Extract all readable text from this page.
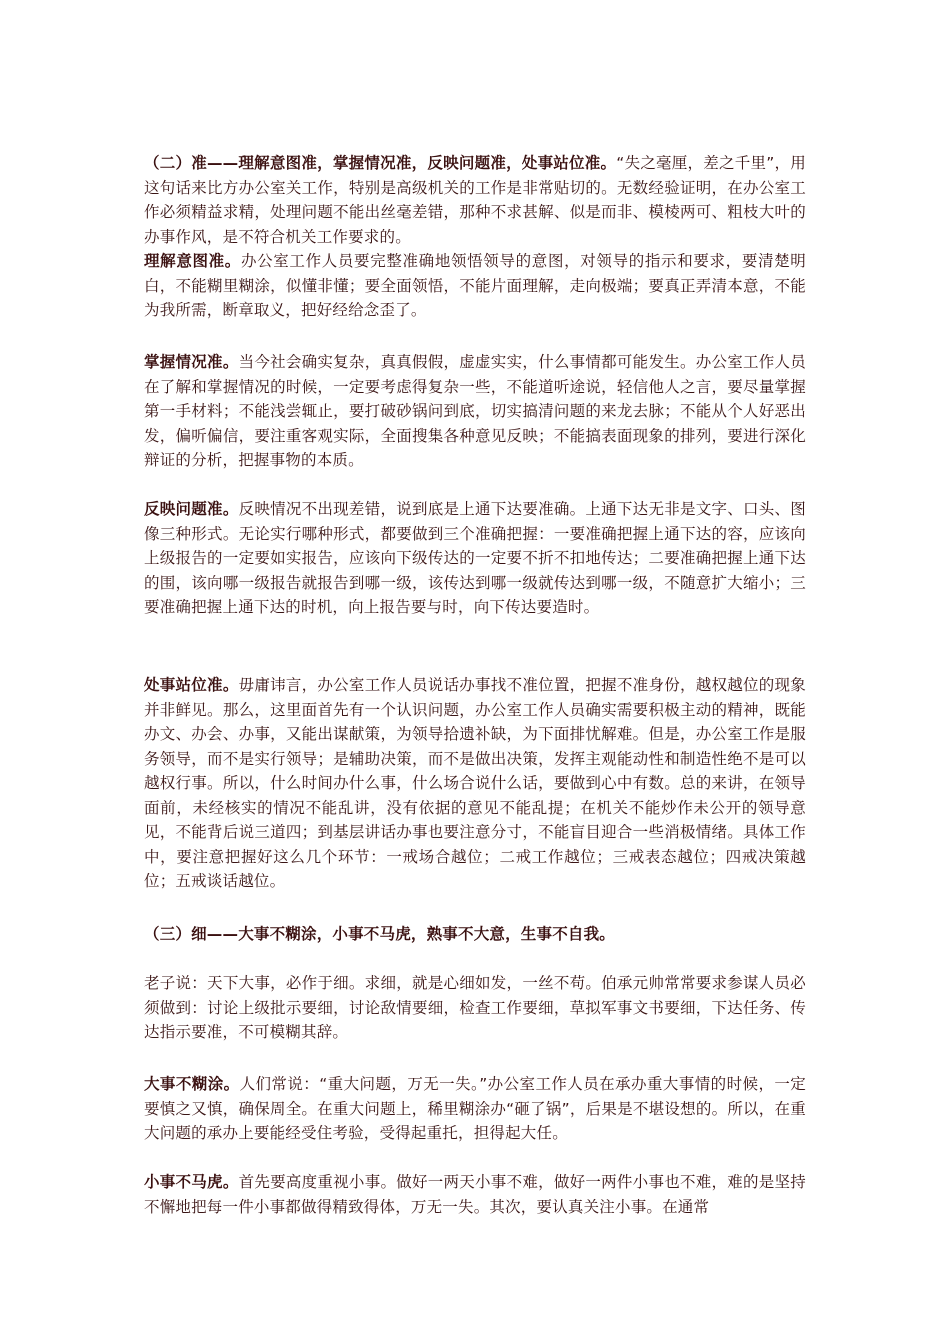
（二）准——理解意图准，掌握情况准，反映问题准，处事站位准。“失之毫厘，差之千里”，用这句话来比方办公室关工作，特别是高级机关的工作是非常贴切的。无数经验证明，在办公室工作必须精益求精，处理问题不能出丝毫差错，那种不求甚解、似是而非、模棱两可、粗枝大叶的办事作风，是不符合机关工作要求的。

理解意图准。办公室工作人员要完整准确地领悟领导的意图，对领导的指示和要求，要清楚明白，不能糊里糊涂，似懂非懂；要全面领悟，不能片面理解，走向极端；要真正弄清本意，不能为我所需，断章取义，把好经给念歪了。

掌握情况准。当今社会确实复杂，真真假假，虚虚实实，什么事情都可能发生。办公室工作人员在了解和掌握情况的时候，一定要考虑得复杂一些，不能道听途说，轻信他人之言，要尽量掌握第一手材料；不能浅尝辄止，要打破砂锅问到底，切实搞清问题的来龙去脉；不能从个人好恶出发，偏听偏信，要注重客观实际，全面搜集各种意见反映；不能搞表面现象的排列，要进行深化辩证的分析，把握事物的本质。

反映问题准。反映情况不出现差错，说到底是上通下达要准确。上通下达无非是文字、口头、图像三种形式。无论实行哪种形式，都要做到三个准确把握：一要准确把握上通下达的容，应该向上级报告的一定要如实报告，应该向下级传达的一定要不折不扣地传达；二要准确把握上通下达的围，该向哪一级报告就报告到哪一级，该传达到哪一级就传达到哪一级，不随意扩大缩小；三要准确把握上通下达的时机，向上报告要与时，向下传达要造时。

处事站位准。毋庸讳言，办公室工作人员说话办事找不准位置，把握不准身份，越权越位的现象并非鲜见。那么，这里面首先有一个认识问题，办公室工作人员确实需要积极主动的精神，既能办文、办会、办事，又能出谋献策，为领导拾遗补缺，为下面排忧解难。但是，办公室工作是服务领导，而不是实行领导；是辅助决策，而不是做出决策，发挥主观能动性和制造性绝不是可以越权行事。所以，什么时间办什么事，什么场合说什么话，要做到心中有数。总的来讲，在领导面前，未经核实的情况不能乱讲，没有依据的意见不能乱提；在机关不能炒作未公开的领导意见，不能背后说三道四；到基层讲话办事也要注意分寸，不能盲目迎合一些消极情绪。具体工作中，要注意把握好这么几个环节：一戒场合越位；二戒工作越位；三戒表态越位；四戒决策越位；五戒谈话越位。

（三）细——大事不糊涂，小事不马虎，熟事不大意，生事不自我。

老子说：天下大事，必作于细。求细，就是心细如发，一丝不苟。伯承元帅常常要求参谋人员必须做到：讨论上级批示要细，讨论敌情要细，检查工作要细，草拟军事文书要细，下达任务、传达指示要准，不可模糊其辞。

大事不糊涂。人们常说：“重大问题，万无一失。”办公室工作人员在承办重大事情的时候，一定要慎之又慎，确保周全。在重大问题上，稀里糊涂办“砸了锅”，后果是不堪设想的。所以，在重大问题的承办上要能经受住考验，受得起重托，担得起大任。

小事不马虎。首先要高度重视小事。做好一两天小事不难，做好一两件小事也不难，难的是坚持不懈地把每一件小事都做得精致得体，万无一失。其次，要认真关注小事。在通常
